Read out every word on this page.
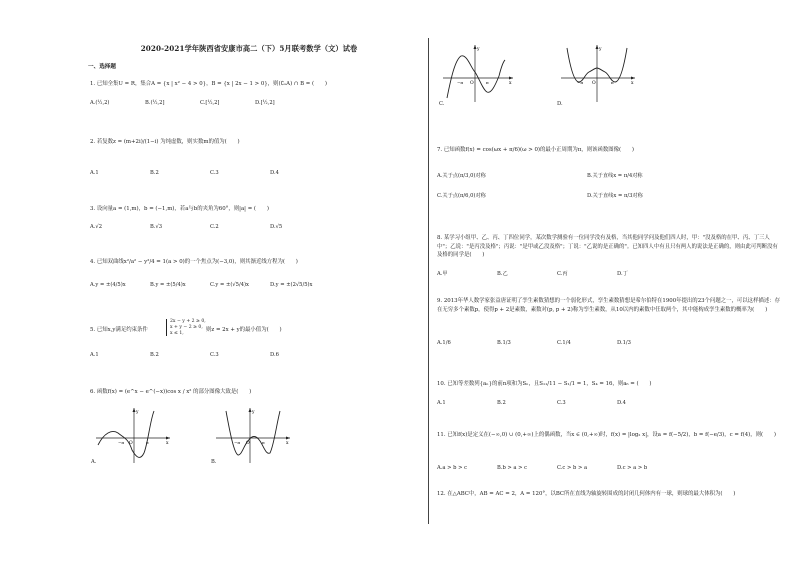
2020-2021学年陕西省安康市高二（下）5月联考数学（文）试卷
一、选择题
1. 已知全集U = R，集合A = {x | x² − 4 > 0}，B = {x | 2x − 1 > 0}，则(∁ᵤA) ∩ B = (　　)
A.(½,2)	B.(½,2]	C.[½,2]	D.[½,2]
2. 若复数z = (m+2i)/(1−i) 为纯虚数，则实数m的值为(　　)
A.1	B.2	C.3	D.4
3. 设向量a = (1,m)，b = (−1,m)，若a与b的夹角为60°，则|a| = (　　)
A.√2	B.√3	C.2	D.√5
4. 已知双曲线x²/a² − y²/4 = 1(a > 0)的一个焦点为(−3,0)，则其渐近线方程为(　　)
A.y = ±(4/5)x	B.y = ±(5/4)x	C.y = ±(√5/4)x	D.y = ±(2√5/5)x
5. 已知x,y满足约束条件
2x − y + 2 ≥ 0,
x + y − 2 ≥ 0,
x ≤ 1,
则z = 2x + y的最小值为(　　)
A.1	B.2	C.3	D.6
6. 函数f(x) = (e^x − e^(−x))cos x / x² 的部分图像大致是(　　)
y
x
O
−π	π
A.
y
x
O
−π	π
B.
y
x
O
−π	π
C.
y
x
O
−π	π
D.
7. 已知函数f(x) = cos(ωx + π/6)(ω > 0)的最小正周期为π，则该函数图像(　　)
A.关于点(π/3,0)对称	B.关于直线x = π/4对称
C.关于点(π/6,0)对称	D.关于直线x = π/3对称
8. 某学习小组甲、乙、丙、丁四位同学，某次数学测验有一位同学没有及格，当其他同学问及他们四人时，甲："没及格的在甲、丙、丁三人中"；乙说："是丙没及格"；丙说："是甲或乙没及格"；丁说："乙说的是正确的"。已知四人中有且只有两人的说法是正确的，则由此可判断没有及格的同学是(　　)
A.甲	B.乙	C.丙	D.丁
9. 2013年华人数学家张益唐证明了孪生素数猜想的一个弱化形式，孪生素数猜想是希尔伯特在1900年提出的23个问题之一，可以这样描述：存在无穷多个素数p，使得p + 2是素数，素数对(p, p + 2)称为孪生素数，从10以内的素数中任取两个，其中能构成孪生素数的概率为(　　)
A.1/6	B.1/3	C.1/4	D.1/3
10. 已知等差数列{aₙ}的前n项和为Sₙ，且S₁₁/11 − S₁/1 = 1，S₄ = 16，则a₆ = (　　)
A.1	B.2	C.3	D.4
11. 已知f(x)是定义在(−∞,0) ∪ (0,+∞)上的偶函数，当x ∈ (0,+∞)时，f(x) = |log₂ x|，设a = f(−5/2)，b = f(−e/3)，c = f(4)，则(　　)
A.a > b > c	B.b > a > c	C.c > b > a	D.c > a > b
12. 在△ABC中，AB = AC = 2，A = 120°，以BC所在直线为轴旋转围成的封闭几何体内有一球，则球的最大体积为(　　)
